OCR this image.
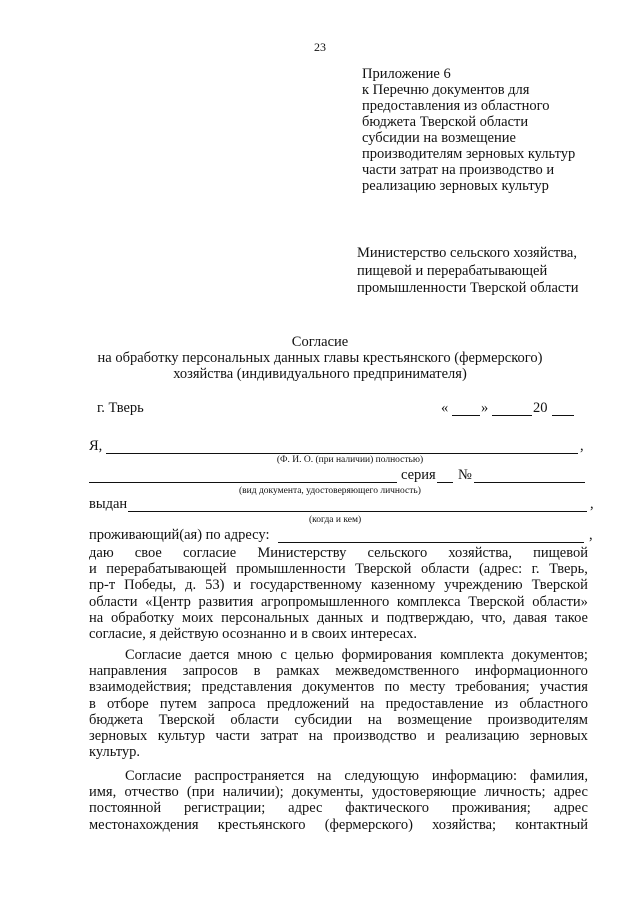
23
Приложение 6
к Перечню документов для
предоставления из областного
бюджета Тверской области
субсидии на возмещение
производителям зерновых культур
части затрат на производство и
реализацию зерновых культур
Министерство сельского хозяйства,
пищевой и перерабатывающей
промышленности Тверской области
Согласие
на обработку персональных данных главы крестьянского (фермерского)
хозяйства (индивидуального предпринимателя)
г. Тверь	« »	20
Я,	,
(Ф. И. О. (при наличии) полностью)
серия №
(вид документа, удостоверяющего личность)
выдан	,
(когда и кем)
проживающий(ая) по адресу:	,
даю свое согласие Министерству сельского хозяйства, пищевой
и перерабатывающей промышленности Тверской области (адрес: г. Тверь,
пр-т Победы, д. 53) и государственному казенному учреждению Тверской
области «Центр развития агропромышленного комплекса Тверской области»
на обработку моих персональных данных и подтверждаю, что, давая такое
согласие, я действую осознанно и в своих интересах.
Согласие дается мною с целью формирования комплекта документов;
направления запросов в рамках межведомственного информационного
взаимодействия; представления документов по месту требования; участия
в отборе путем запроса предложений на предоставление из областного
бюджета Тверской области субсидии на возмещение производителям
зерновых культур части затрат на производство и реализацию зерновых
культур.
Согласие распространяется на следующую информацию: фамилия,
имя, отчество (при наличии); документы, удостоверяющие личность; адрес
постоянной регистрации; адрес фактического проживания; адрес
местонахождения крестьянского (фермерского) хозяйства; контактный
